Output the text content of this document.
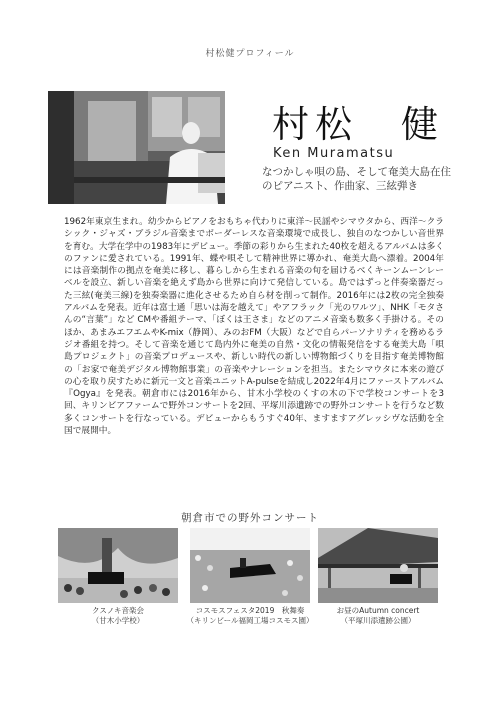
村松健プロフィール
村松　健
Ken Muramatsu
なつかしゃ唄の島、そして奄美大島在住
のピアニスト、作曲家、三絃弾き
1962年東京生まれ。幼少からピアノをおもちゃ代わりに東洋〜民謡やシマウタから、西洋〜クラシック・ジャズ・ブラジル音楽までボーダーレスな音楽環境で成長し、独自のなつかしい音世界を育む。大学在学中の1983年にデビュー。季節の彩りから生まれた40枚を超えるアルバムは多くのファンに愛されている。1991年、蝶や唄そして精神世界に導かれ、奄美大島へ漂着。2004年には音楽制作の拠点を奄美に移し、暮らしから生まれる音楽の旬を届けるべくキーンムーンレーベルを設立、新しい音楽を絶えず島から世界に向けて発信している。島ではずっと伴奏楽器だった三絃(奄美三線)を独奏楽器に進化させるため自ら材を削って制作。2016年には2枚の完全独奏アルバムを発表。近年は富士通「思いは海を越えて」やアフラック「光のワルツ」、NHK「モタさんの“言葉”」など CMや番組テーマ、「ぼくは王さま」などのアニメ音楽も数多く手掛ける。そのほか、あまみエフエムやK-mix（静岡）、みのおFM（大阪）などで自らパーソナリティを務めるラジオ番組を持つ。そして音楽を通じて島内外に奄美の自然・文化の情報発信をする奄美大島「唄島プロジェクト」の音楽プロデュースや、新しい時代の新しい博物館づくりを目指す奄美博物館の「お家で奄美デジタル博物館事業」の音楽やナレーションを担当。またシマウタに本来の遊びの心を取り戻すために新元一文と音楽ユニットA-pulseを結成し2022年4月にファーストアルバム『Ogya』を発表。朝倉市には2016年から、甘木小学校のくすの木の下で学校コンサートを3回、キリンビアファームで野外コンサートを2回、平塚川添遺跡での野外コンサートを行うなど数多くコンサートを行なっている。デビューからもうすぐ40年、ますますアグレッシヴな活動を全国で展開中。
朝倉市での野外コンサート
クスノキ音楽会
（甘木小学校）
コスモスフェスタ2019　秋舞奏
（キリンビール福岡工場コスモス園）
お昼のAutumn concert
（平塚川添遺跡公園）
